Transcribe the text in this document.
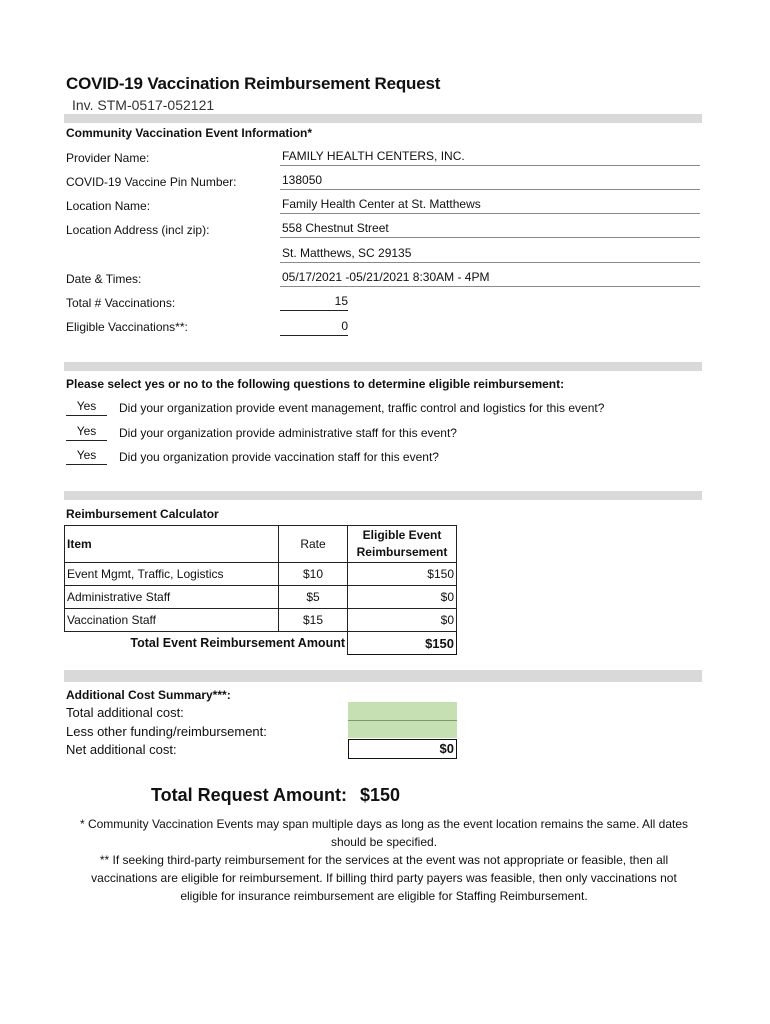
COVID-19 Vaccination Reimbursement Request
Inv. STM-0517-052121
Community Vaccination Event Information*
Provider Name:	FAMILY HEALTH CENTERS, INC.
COVID-19 Vaccine Pin Number:	138050
Location Name:	Family Health Center at St. Matthews
Location Address (incl zip):	558 Chestnut Street
St. Matthews, SC 29135
Date & Times:	05/17/2021 -05/21/2021 8:30AM - 4PM
Total # Vaccinations:	15
Eligible Vaccinations**:	0
Please select yes or no to the following questions to determine eligible reimbursement:
Yes	Did your organization provide event management, traffic control and logistics for this event?
Yes	Did your organization provide administrative staff for this event?
Yes	Did you organization provide vaccination staff for this event?
Reimbursement Calculator
Item	Rate	Eligible Event
Reimbursement

Event Mgmt, Traffic, Logistics	$10	$150
Administrative Staff	$5	$0
Vaccination Staff	$15	$0
Total Event Reimbursement Amount		$150
Additional Cost Summary***:
Total additional cost:
Less other funding/reimbursement:
Net additional cost:	$0
Total Request Amount: $150
* Community Vaccination Events may span multiple days as long as the event location remains the same. All dates
should be specified.
** If seeking third-party reimbursement for the services at the event was not appropriate or feasible, then all
vaccinations are eligible for reimbursement. If billing third party payers was feasible, then only vaccinations not
eligible for insurance reimbursement are eligible for Staffing Reimbursement.
